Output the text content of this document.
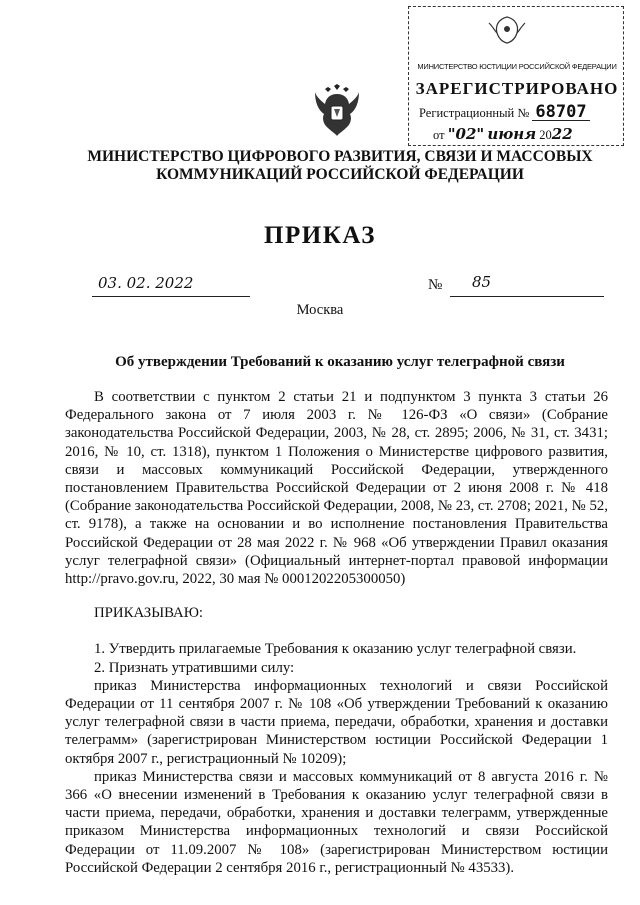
МИНИСТЕРСТВО ЮСТИЦИИ РОССИЙСКОЙ ФЕДЕРАЦИИ
ЗАРЕГИСТРИРОВАНО
Регистрационный № 68707
от "02" июня 2022
МИНИСТЕРСТВО ЦИФРОВОГО РАЗВИТИЯ, СВЯЗИ И МАССОВЫХ
КОММУНИКАЦИЙ РОССИЙСКОЙ ФЕДЕРАЦИИ
ПРИКАЗ
03. 02. 2022	№ 85
Москва
Об утверждении Требований к оказанию услуг телеграфной связи

В соответствии с пунктом 2 статьи 21 и подпунктом 3 пункта 3 статьи 26 Федерального закона от 7 июля 2003 г. № 126-ФЗ «О связи» (Собрание законодательства Российской Федерации, 2003, № 28, ст. 2895; 2006, № 31, ст. 3431; 2016, № 10, ст. 1318), пунктом 1 Положения о Министерстве цифрового развития, связи и массовых коммуникаций Российской Федерации, утвержденного постановлением Правительства Российской Федерации от 2 июня 2008 г. № 418 (Собрание законодательства Российской Федерации, 2008, № 23, ст. 2708; 2021, № 52, ст. 9178), а также на основании и во исполнение постановления Правительства Российской Федерации от 28 мая 2022 г. № 968 «Об утверждении Правил оказания услуг телеграфной связи» (Официальный интернет-портал правовой информации http://pravo.gov.ru, 2022, 30 мая № 0001202205300050)

ПРИКАЗЫВАЮ:

1. Утвердить прилагаемые Требования к оказанию услуг телеграфной связи.

2. Признать утратившими силу:

приказ Министерства информационных технологий и связи Российской Федерации от 11 сентября 2007 г. № 108 «Об утверждении Требований к оказанию услуг телеграфной связи в части приема, передачи, обработки, хранения и доставки телеграмм» (зарегистрирован Министерством юстиции Российской Федерации 1 октября 2007 г., регистрационный № 10209);

приказ Министерства связи и массовых коммуникаций от 8 августа 2016 г. № 366 «О внесении изменений в Требования к оказанию услуг телеграфной связи в части приема, передачи, обработки, хранения и доставки телеграмм, утвержденные приказом Министерства информационных технологий и связи Российской Федерации от 11.09.2007 № 108» (зарегистрирован Министерством юстиции Российской Федерации 2 сентября 2016 г., регистрационный № 43533).
